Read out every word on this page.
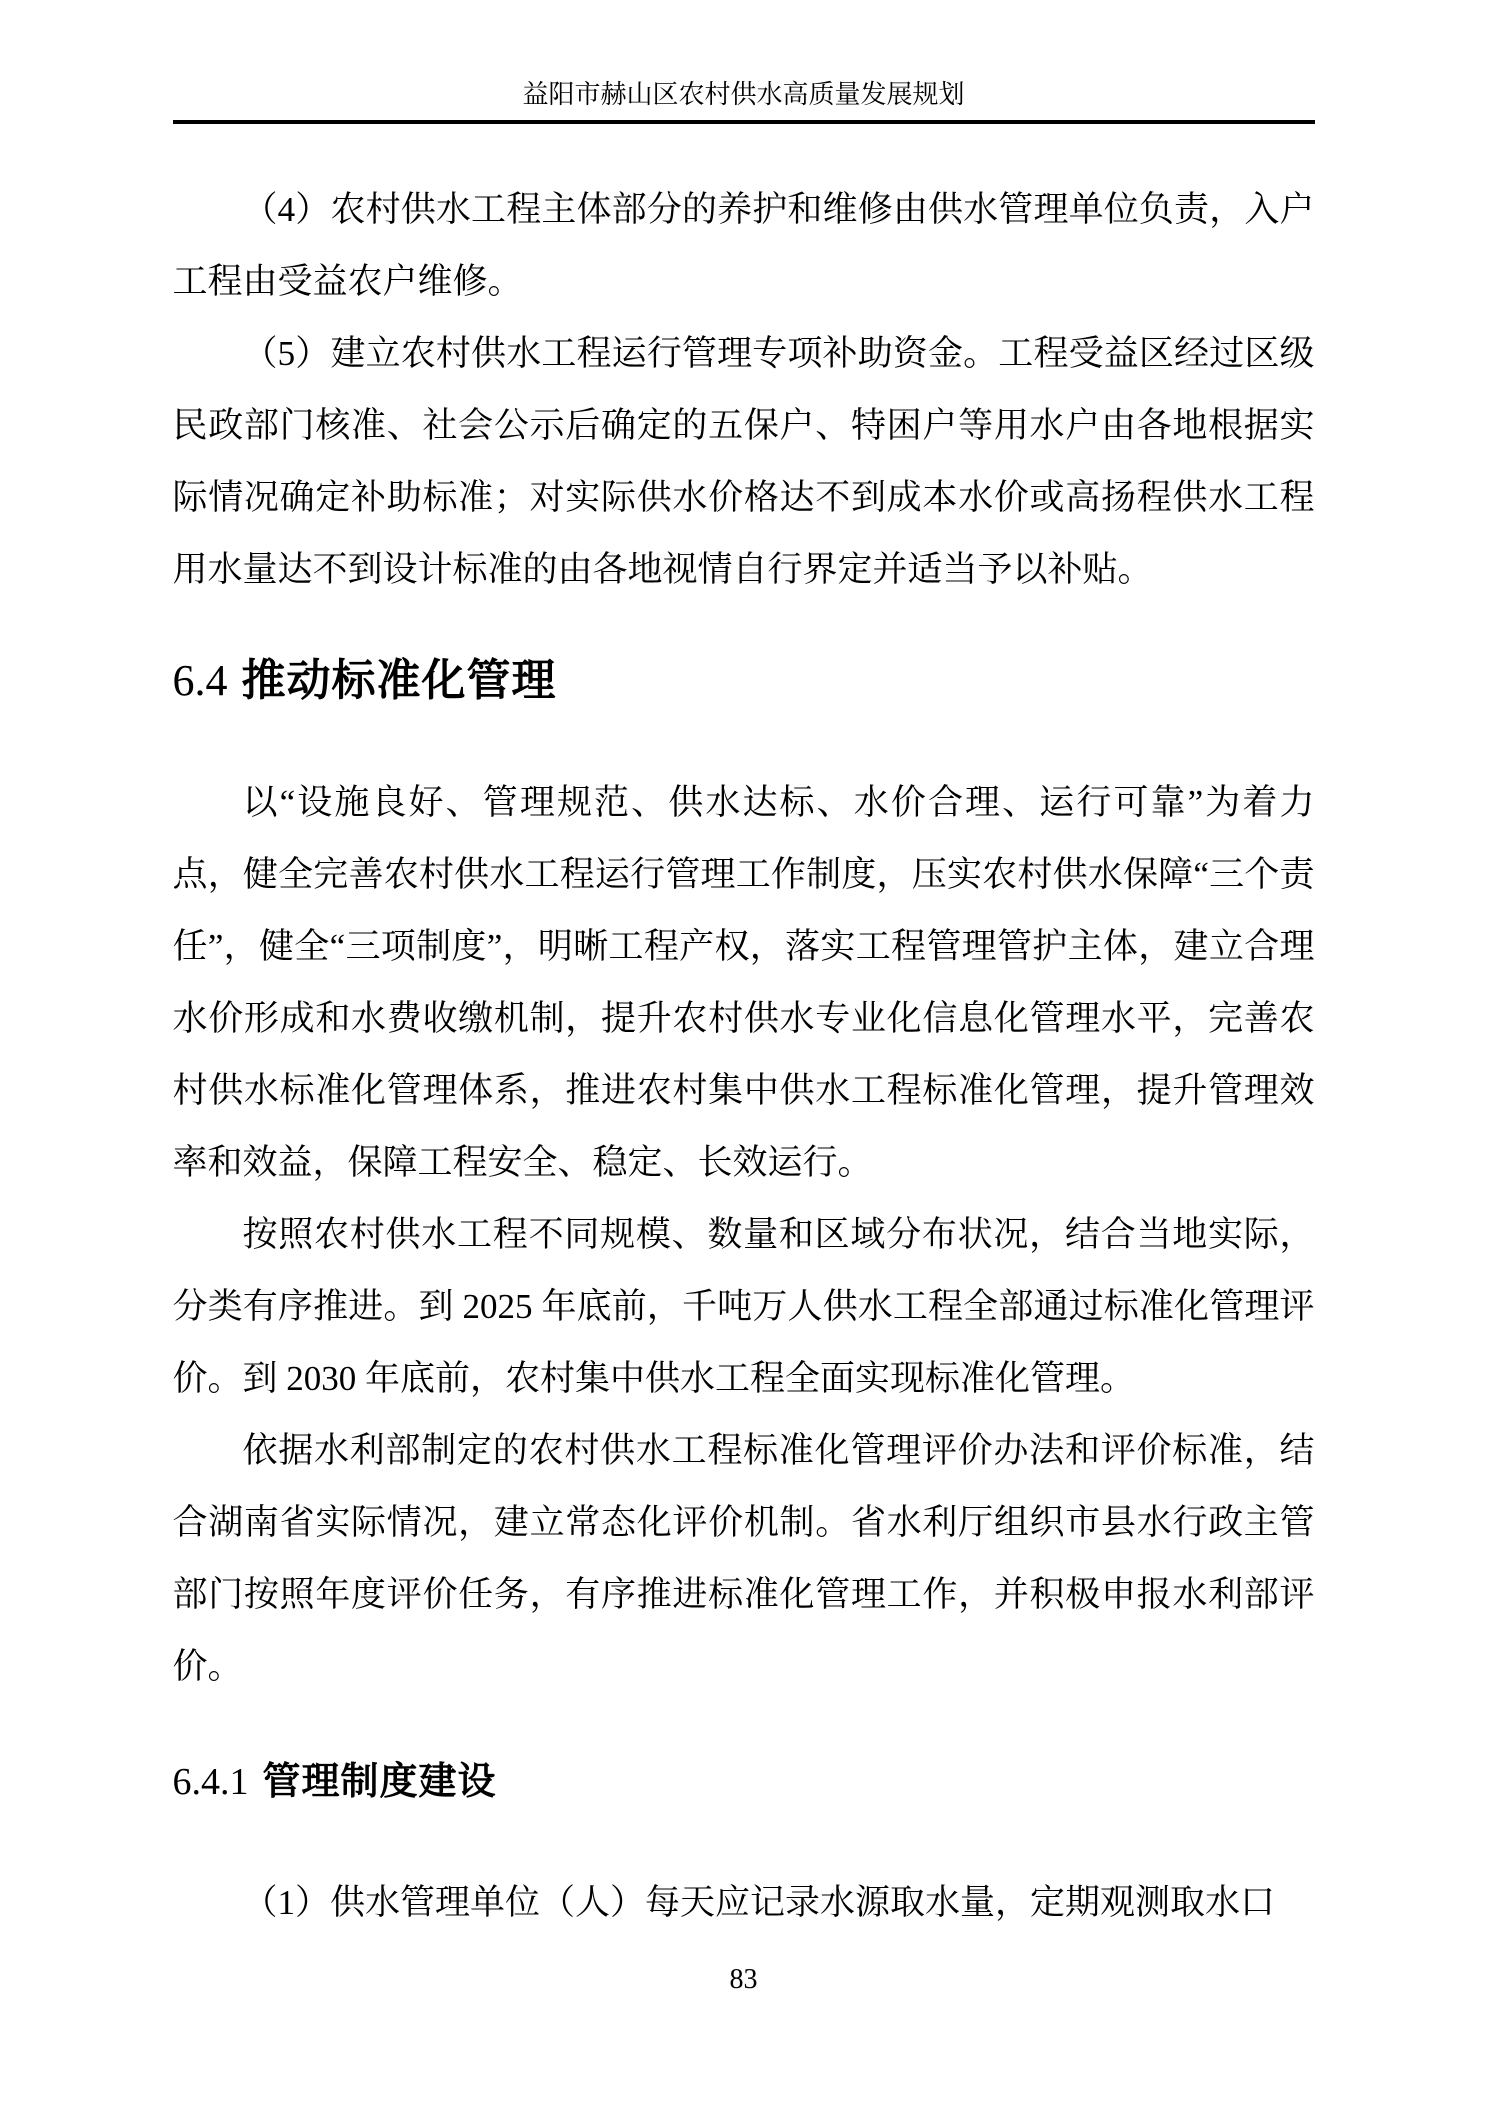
益阳市赫山区农村供水高质量发展规划

（4）农村供水工程主体部分的养护和维修由供水管理单位负责，入户工程由受益农户维修。

（5）建立农村供水工程运行管理专项补助资金。工程受益区经过区级民政部门核准、社会公示后确定的五保户、特困户等用水户由各地根据实际情况确定补助标准；对实际供水价格达不到成本水价或高扬程供水工程用水量达不到设计标准的由各地视情自行界定并适当予以补贴。

6.4 推动标准化管理

以“设施良好、管理规范、供水达标、水价合理、运行可靠”为着力点，健全完善农村供水工程运行管理工作制度，压实农村供水保障“三个责任”，健全“三项制度”，明晰工程产权，落实工程管理管护主体，建立合理水价形成和水费收缴机制，提升农村供水专业化信息化管理水平，完善农村供水标准化管理体系，推进农村集中供水工程标准化管理，提升管理效率和效益，保障工程安全、稳定、长效运行。

按照农村供水工程不同规模、数量和区域分布状况，结合当地实际，分类有序推进。到 2025 年底前，千吨万人供水工程全部通过标准化管理评价。到 2030 年底前，农村集中供水工程全面实现标准化管理。

依据水利部制定的农村供水工程标准化管理评价办法和评价标准，结合湖南省实际情况，建立常态化评价机制。省水利厅组织市县水行政主管部门按照年度评价任务，有序推进标准化管理工作，并积极申报水利部评价。

6.4.1 管理制度建设

（1）供水管理单位（人）每天应记录水源取水量，定期观测取水口

83
